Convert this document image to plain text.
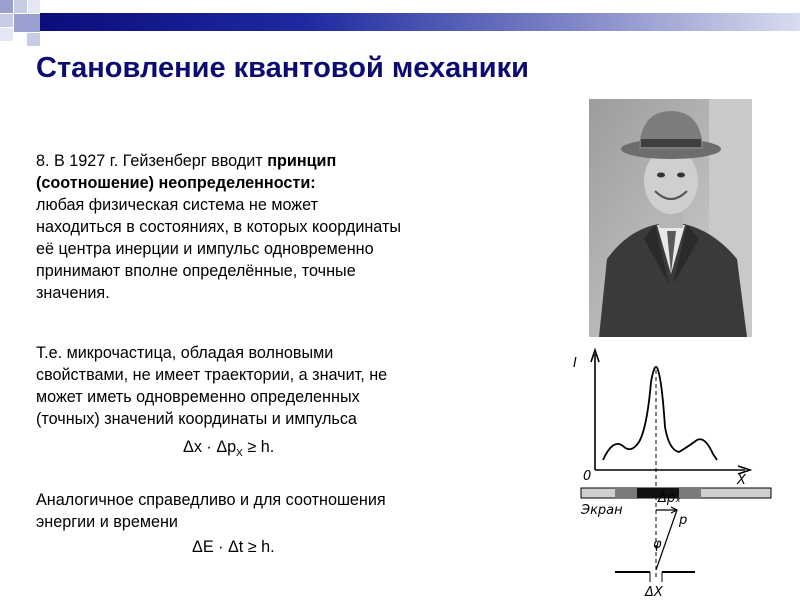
Становление квантовой механики
8. В 1927 г. Гейзенберг вводит принцип
(соотношение) неопределенности:
любая физическая система не может
находиться в состояниях, в которых координаты
её центра инерции и импульс одновременно
принимают вполне определённые, точные
значения.
Т.е. микрочастица, обладая волновыми
свойствами, не имеет траектории, а значит, не
может иметь одновременно определенных
(точных) значений координаты и импульса
$\Delta x \cdot \Delta p_X \ge h$.
Аналогичное справедливо и для соотношения
энергии и времени
ΔE · Δt ≥ h.
I
X
0
Экран
Δpₓ
p
φ
ΔX
